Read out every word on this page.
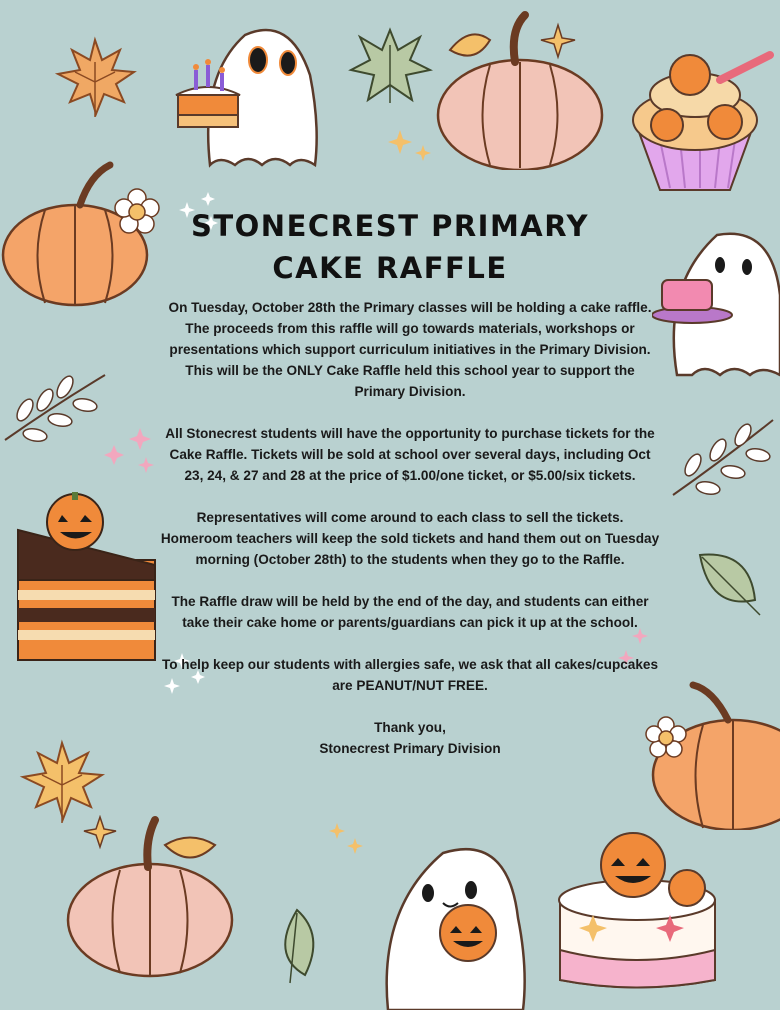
STONECREST PRIMARY
CAKE RAFFLE

On Tuesday, October 28th the Primary classes will be holding a cake raffle. The proceeds from this raffle will go towards materials, workshops or presentations which support curriculum initiatives in the Primary Division. This will be the ONLY Cake Raffle held this school year to support the Primary Division.

All Stonecrest students will have the opportunity to purchase tickets for the Cake Raffle. Tickets will be sold at school over several days, including Oct 23, 24, & 27 and 28 at the price of $1.00/one ticket, or $5.00/six tickets.

Representatives will come around to each class to sell the tickets. Homeroom teachers will keep the sold tickets and hand them out on Tuesday morning (October 28th) to the students when they go to the Raffle.

The Raffle draw will be held by the end of the day, and students can either take their cake home or parents/guardians can pick it up at the school.

To help keep our students with allergies safe, we ask that all cakes/cupcakes are PEANUT/NUT FREE.

Thank you,

Stonecrest Primary Division
